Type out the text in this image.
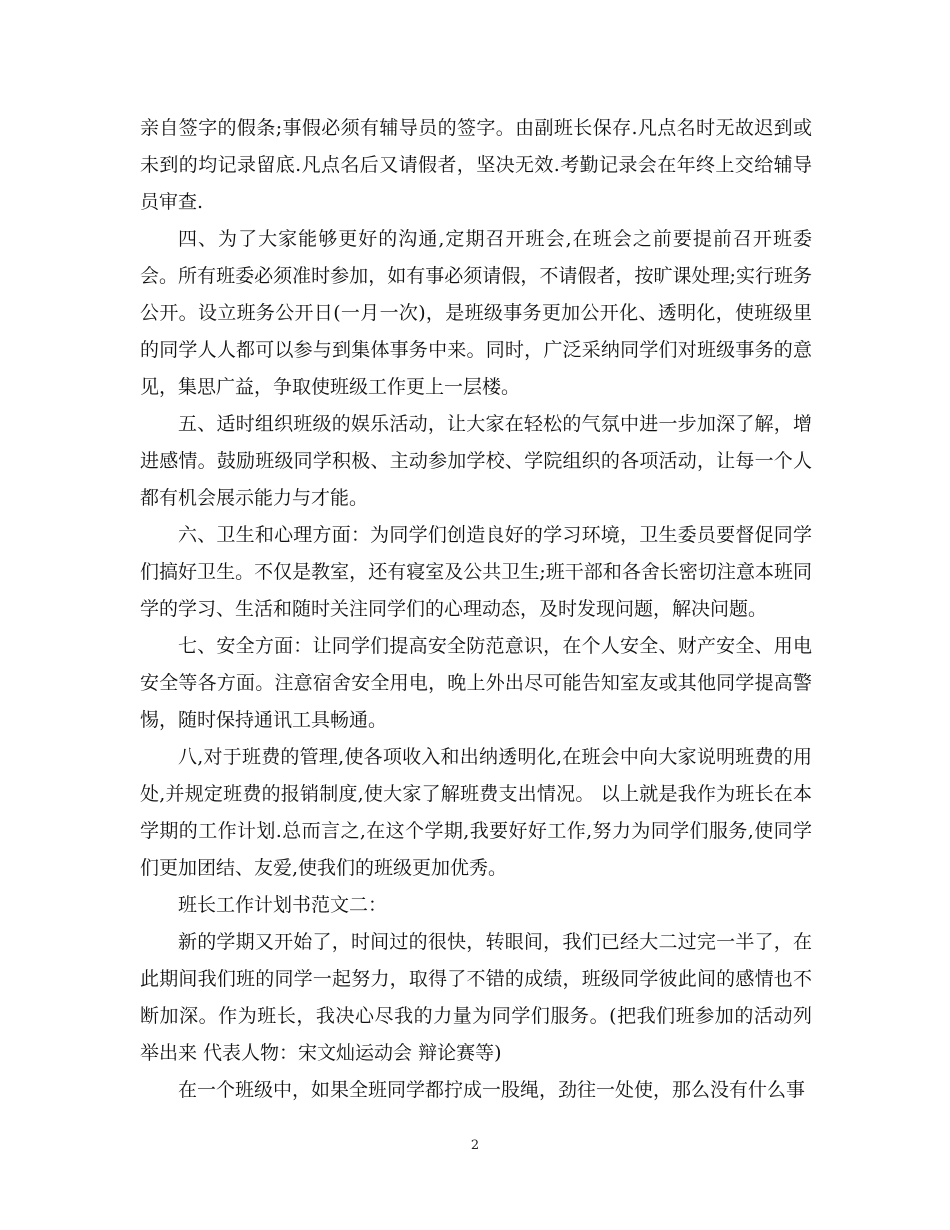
亲自签字的假条;事假必须有辅导员的签字。由副班长保存.凡点名时无故迟到或未到的均记录留底.凡点名后又请假者，坚决无效.考勤记录会在年终上交给辅导员审查.

四、为了大家能够更好的沟通,定期召开班会,在班会之前要提前召开班委会。所有班委必须准时参加，如有事必须请假，不请假者，按旷课处理;实行班务公开。设立班务公开日(一月一次)，是班级事务更加公开化、透明化，使班级里的同学人人都可以参与到集体事务中来。同时，广泛采纳同学们对班级事务的意见，集思广益，争取使班级工作更上一层楼。

五、适时组织班级的娱乐活动，让大家在轻松的气氛中进一步加深了解，增进感情。鼓励班级同学积极、主动参加学校、学院组织的各项活动，让每一个人都有机会展示能力与才能。

六、卫生和心理方面：为同学们创造良好的学习环境，卫生委员要督促同学们搞好卫生。不仅是教室，还有寝室及公共卫生;班干部和各舍长密切注意本班同学的学习、生活和随时关注同学们的心理动态，及时发现问题，解决问题。

七、安全方面：让同学们提高安全防范意识，在个人安全、财产安全、用电安全等各方面。注意宿舍安全用电，晚上外出尽可能告知室友或其他同学提高警惕，随时保持通讯工具畅通。

八,对于班费的管理,使各项收入和出纳透明化,在班会中向大家说明班费的用处,并规定班费的报销制度,使大家了解班费支出情况。 以上就是我作为班长在本学期的工作计划.总而言之,在这个学期,我要好好工作,努力为同学们服务,使同学们更加团结、友爱,使我们的班级更加优秀。

班长工作计划书范文二：

新的学期又开始了，时间过的很快，转眼间，我们已经大二过完一半了，在此期间我们班的同学一起努力，取得了不错的成绩，班级同学彼此间的感情也不断加深。作为班长，我决心尽我的力量为同学们服务。(把我们班参加的活动列举出来 代表人物：宋文灿运动会 辩论赛等)

在一个班级中，如果全班同学都拧成一股绳，劲往一处使，那么没有什么事

2
